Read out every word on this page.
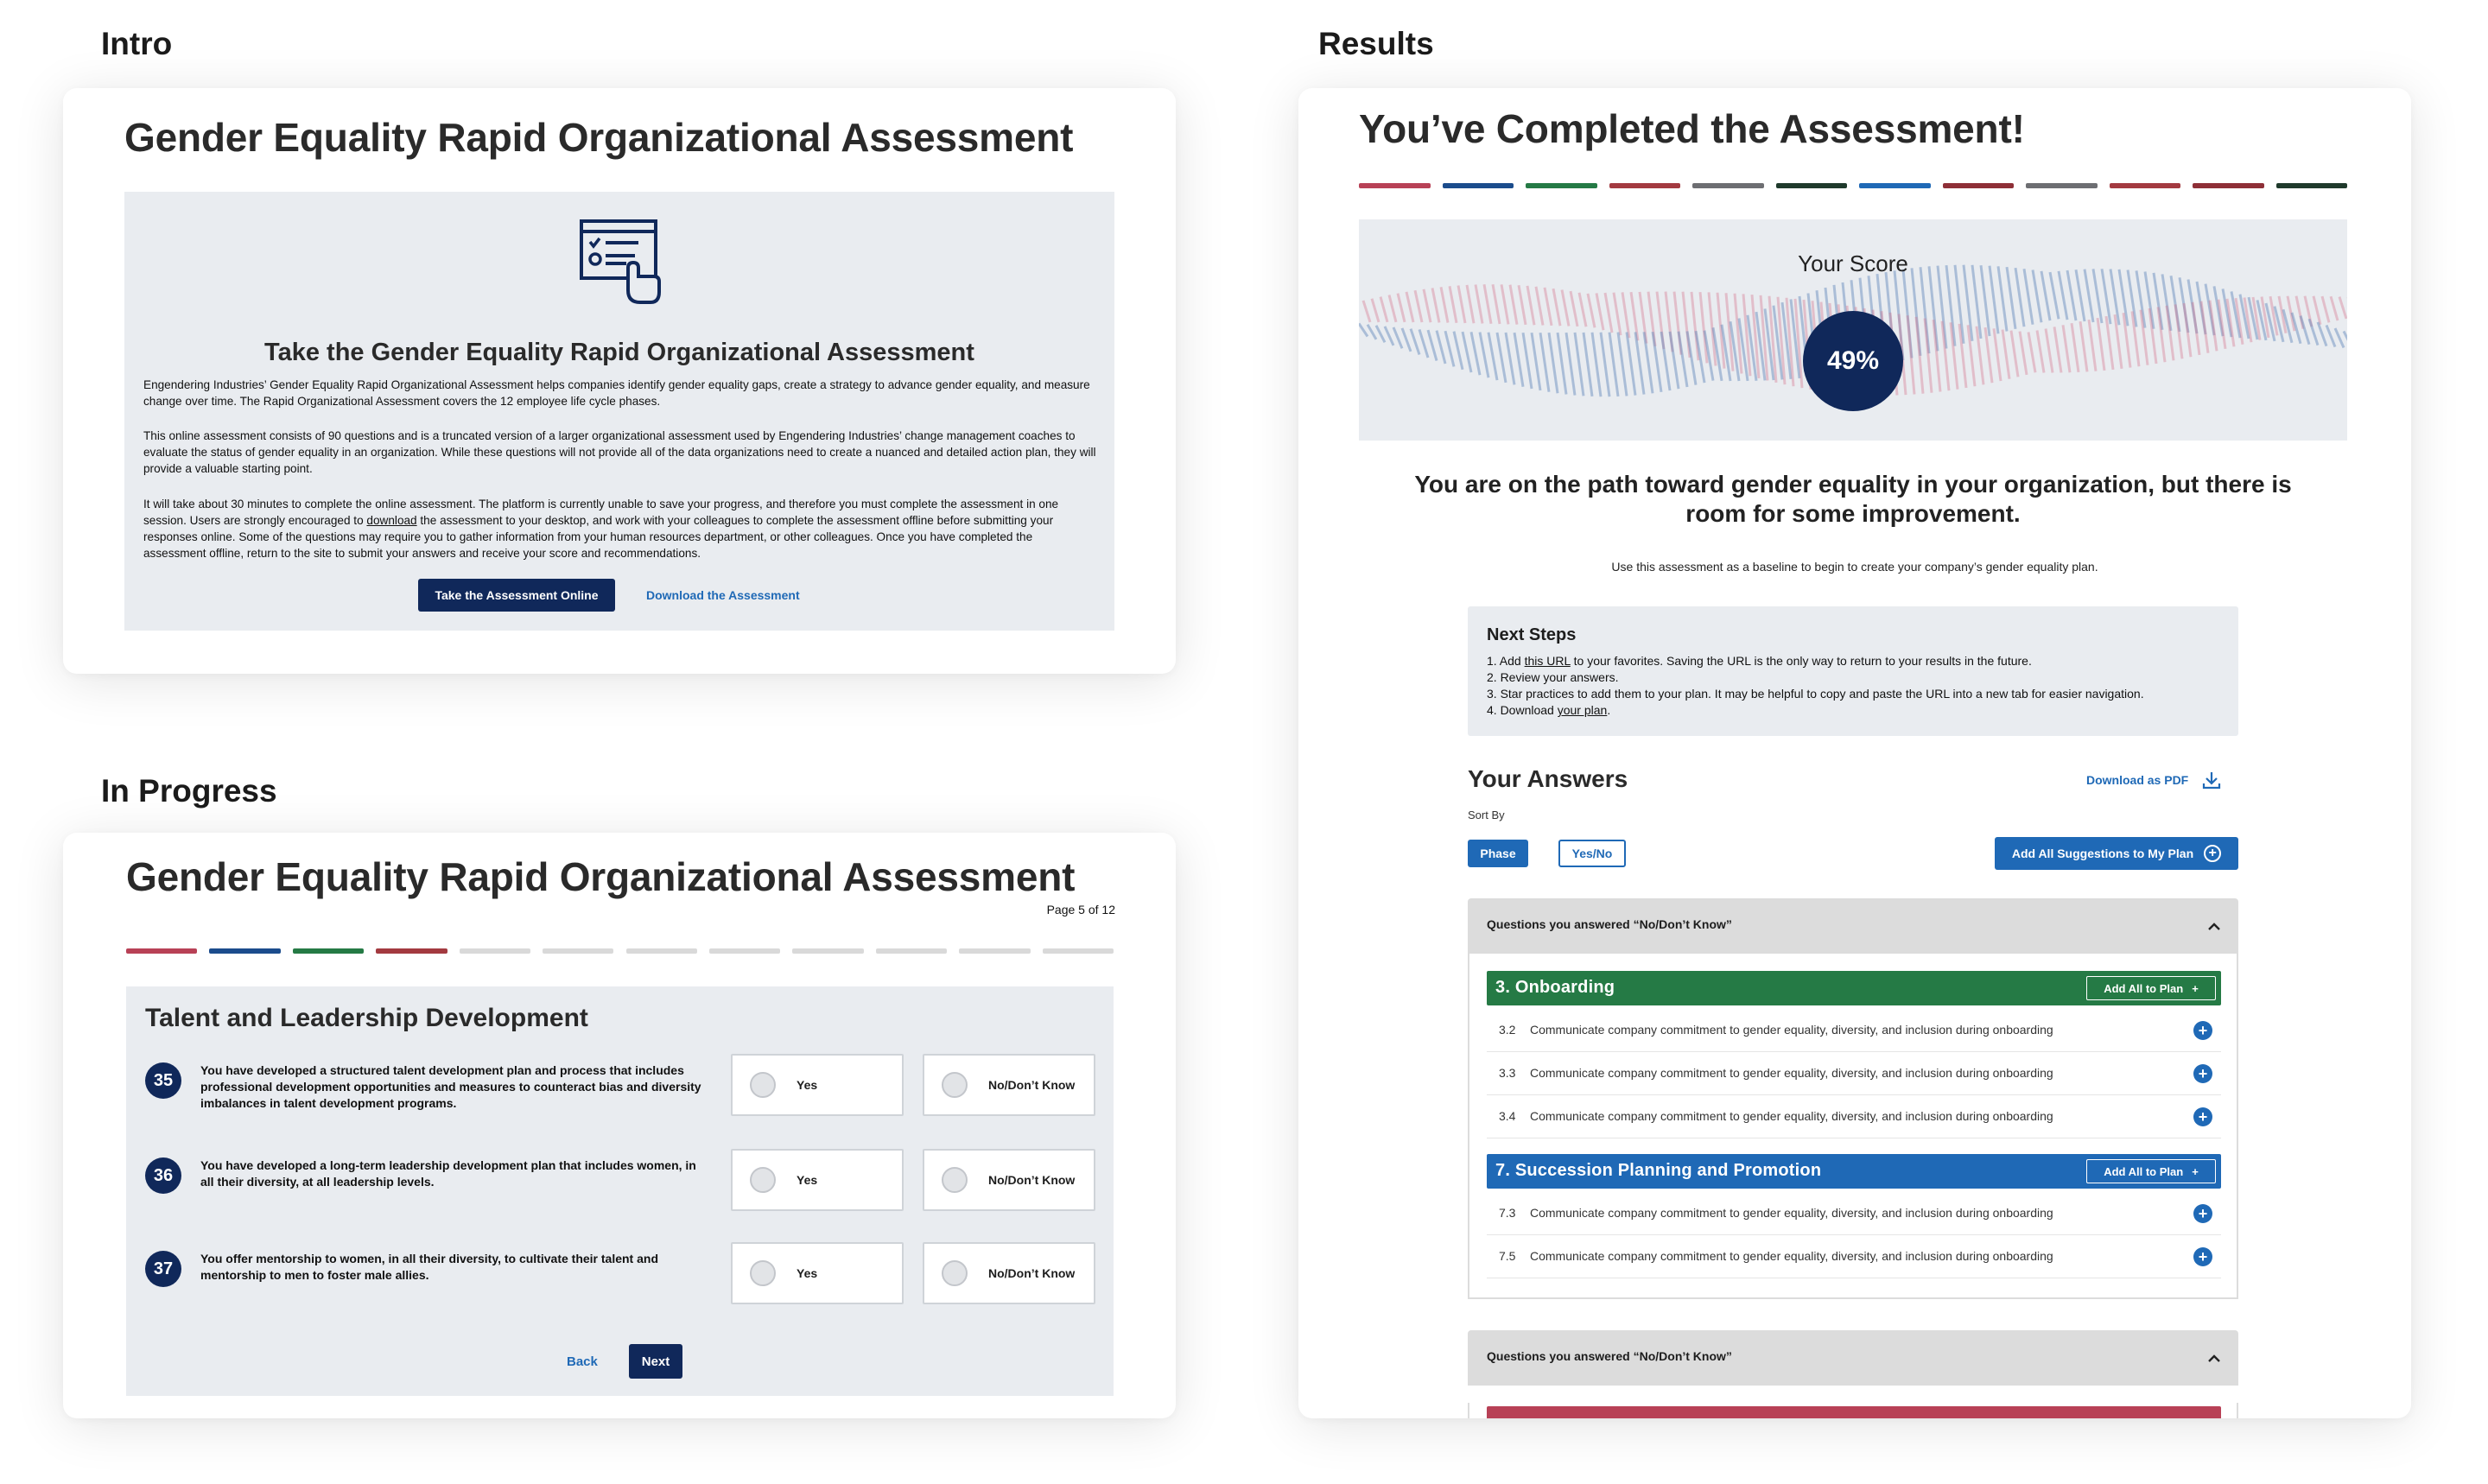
Intro
In Progress
Results
Gender Equality Rapid Organizational Assessment
Take the Gender Equality Rapid Organizational Assessment
Engendering Industries’ Gender Equality Rapid Organizational Assessment helps companies identify gender equality gaps, create a strategy to advance gender equality, and measure change over time. The Rapid Organizational Assessment covers the 12 employee life cycle phases.
This online assessment consists of 90 questions and is a truncated version of a larger organizational assessment used by Engendering Industries’ change management coaches to evaluate the status of gender equality in an organization. While these questions will not provide all of the data organizations need to create a nuanced and detailed action plan, they will provide a valuable starting point.
It will take about 30 minutes to complete the online assessment. The platform is currently unable to save your progress, and therefore you must complete the assessment in one session. Users are strongly encouraged to download the assessment to your desktop, and work with your colleagues to complete the assessment offline before submitting your responses online. Some of the questions may require you to gather information from your human resources department, or other colleagues. Once you have completed the assessment offline, return to the site to submit your answers and receive your score and recommendations.
Take the Assessment Online	Download the Assessment
Gender Equality Rapid Organizational Assessment
Page 5 of 12
Talent and Leadership Development
35
You have developed a structured talent development plan and process that includes professional development opportunities and measures to counteract bias and diversity imbalances in talent development programs.
Yes	No/Don’t Know
36
You have developed a long-term leadership development plan that includes women, in all their diversity, at all leadership levels.	Yes	No/Don’t Know
37
You offer mentorship to women, in all their diversity, to cultivate their talent and mentorship to men to foster male allies.	Yes	No/Don’t Know
Back	Next
You’ve Completed the Assessment!
Your Score
49%
You are on the path toward gender equality in your organization, but there is room for some improvement.
Use this assessment as a baseline to begin to create your company’s gender equality plan.
Next Steps
1. Add this URL to your favorites. Saving the URL is the only way to return to your results in the future.
2. Review your answers.
3. Star practices to add them to your plan. It may be helpful to copy and paste the URL into a new tab for easier navigation.
4. Download your plan.
Your Answers	Download as PDF
Sort By
Phase	Yes/No	Add All Suggestions to My Plan	+
Questions you answered “No/Don’t Know”
3. Onboarding	Add All to Plan +
3.2 Communicate company commitment to gender equality, diversity, and inclusion during onboarding	+
3.3 Communicate company commitment to gender equality, diversity, and inclusion during onboarding	+
3.4 Communicate company commitment to gender equality, diversity, and inclusion during onboarding	+
7. Succession Planning and Promotion	Add All to Plan +
7.3 Communicate company commitment to gender equality, diversity, and inclusion during onboarding	+
7.5 Communicate company commitment to gender equality, diversity, and inclusion during onboarding	+
Questions you answered “No/Don’t Know”
